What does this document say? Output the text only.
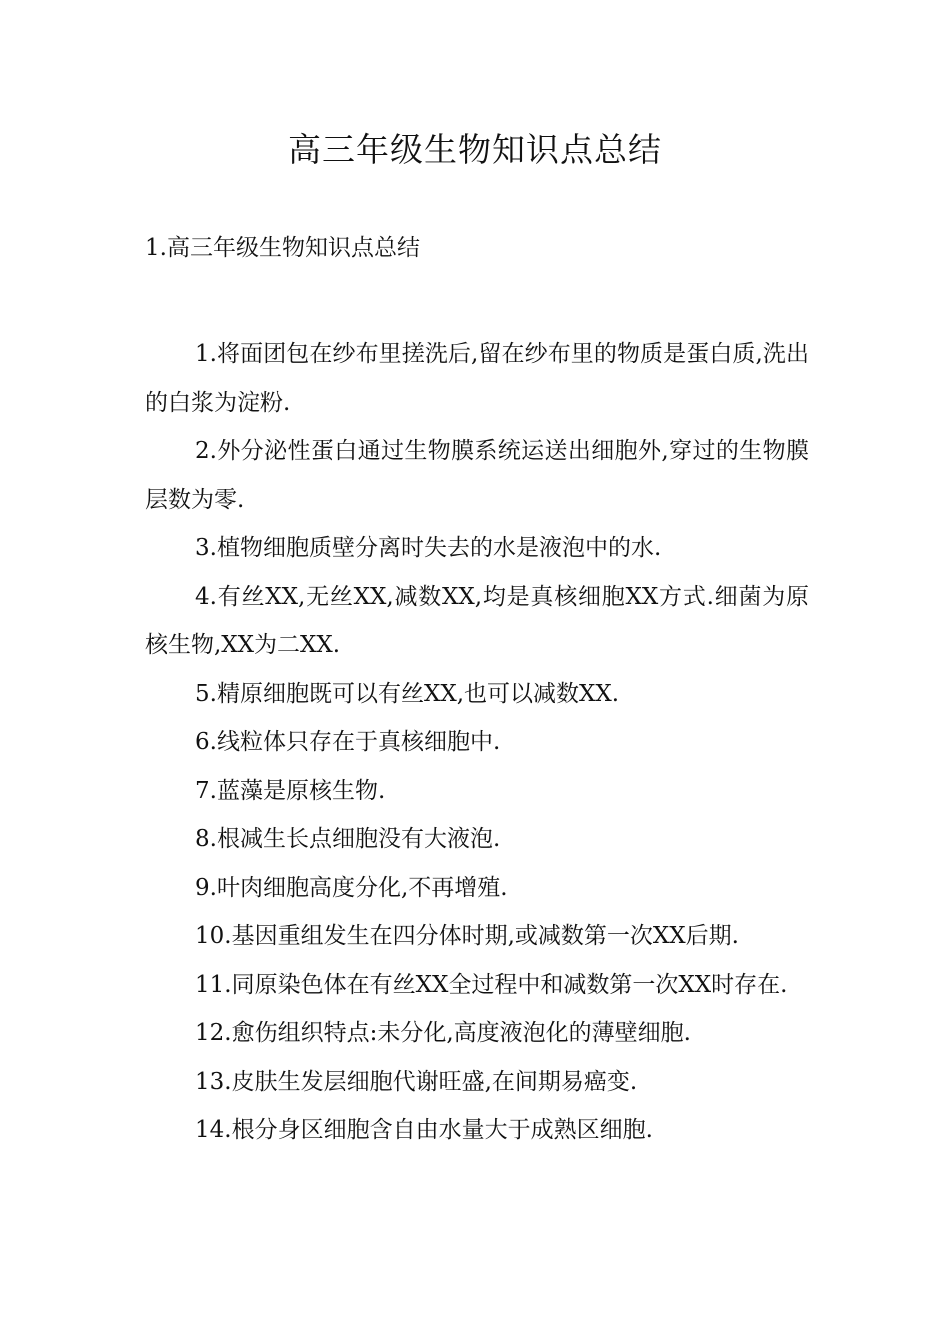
高三年级生物知识点总结
1.高三年级生物知识点总结

1.将面团包在纱布里搓洗后,留在纱布里的物质是蛋白质,洗出的白浆为淀粉.

2.外分泌性蛋白通过生物膜系统运送出细胞外,穿过的生物膜层数为零.

3.植物细胞质壁分离时失去的水是液泡中的水.

4.有丝XX,无丝XX,减数XX,均是真核细胞XX方式.细菌为原核生物,XX为二XX.

5.精原细胞既可以有丝XX,也可以减数XX.

6.线粒体只存在于真核细胞中.

7.蓝藻是原核生物.

8.根减生长点细胞没有大液泡.

9.叶肉细胞高度分化,不再增殖.

10.基因重组发生在四分体时期,或减数第一次XX后期.

11.同原染色体在有丝XX全过程中和减数第一次XX时存在.

12.愈伤组织特点:未分化,高度液泡化的薄壁细胞.

13.皮肤生发层细胞代谢旺盛,在间期易癌变.

14.根分身区细胞含自由水量大于成熟区细胞.
